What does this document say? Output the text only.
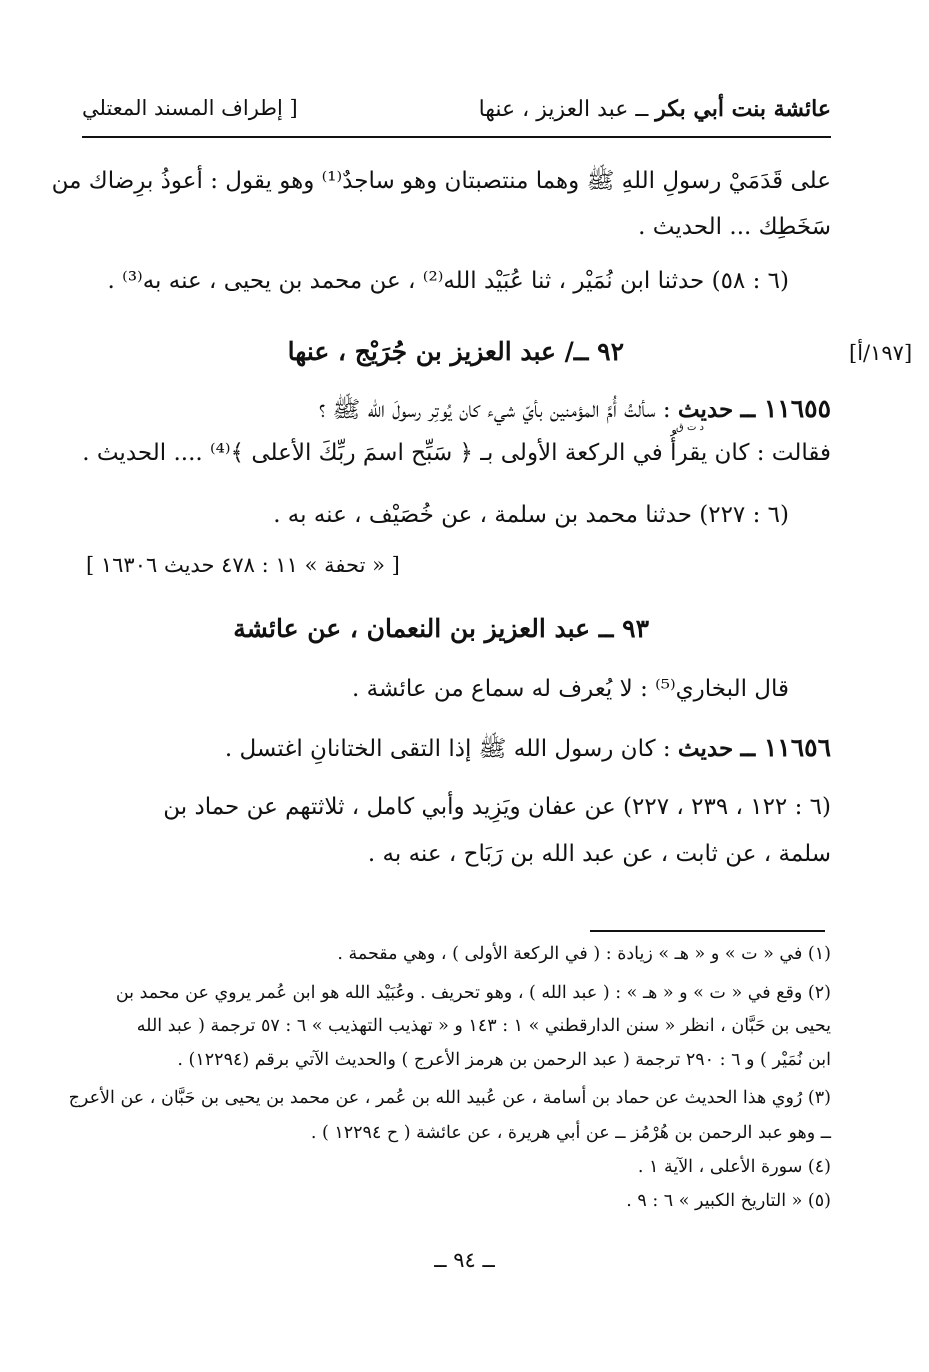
عائشة بنت أبي بكر ــ عبد العزيز ، عنها
[ إطراف المسند المعتلي
على قَدَمَيْ رسولِ اللهِ ﷺ وهما منتصبتان وهو ساجدٌ⁽¹⁾ وهو يقول : أعوذُ برِضاك من
سَخَطِك ... الحديث .
(٦ : ٥٨) حدثنا ابن نُمَيْر ، ثنا عُبَيْد الله⁽²⁾ ، عن محمد بن يحيى ، عنه به⁽³⁾ .
[١٩٧/أ]
٩٢ ــ/ عبد العزيز بن جُرَيْج ، عنها
١١٦٥٥ ــ حديث : سألتُ أُمَّ المؤمنين بأيّ شيء كان يُوتِر رسولَ الله ﷺ ؟
د ت ق
فقالت : كان يقرأُ في الركعة الأولى بـ ﴿ سَبِّح اسمَ ربِّكَ الأعلى ﴾⁽⁴⁾ .... الحديث .
(٦ : ٢٢٧) حدثنا محمد بن سلمة ، عن خُصَيْف ، عنه به .
[ « تحفة » ١١ : ٤٧٨ حديث ١٦٣٠٦ ]
٩٣ ــ عبد العزيز بن النعمان ، عن عائشة
قال البخاري⁽⁵⁾ : لا يُعرف له سماع من عائشة .
١١٦٥٦ ــ حديث : كان رسول الله ﷺ إذا التقى الختانانِ اغتسل .
(٦ : ١٢٢ ، ٢٣٩ ، ٢٢٧) عن عفان ويَزِيد وأبي كامل ، ثلاثتهم عن حماد بن
سلمة ، عن ثابت ، عن عبد الله بن رَبَاح ، عنه به .
(١) في « ت » و « هـ » زيادة : ( في الركعة الأولى ) ، وهي مقحمة .
(٢) وقع في « ت » و « هـ » : ( عبد الله ) ، وهو تحريف . وعُبَيْد الله هو ابن عُمر يروي عن محمد بن
يحيى بن حَبَّان ، انظر « سنن الدارقطني » ١ : ١٤٣ و « تهذيب التهذيب » ٦ : ٥٧ ترجمة ( عبد الله
ابن نُمَيْر ) و ٦ : ٢٩٠ ترجمة ( عبد الرحمن بن هرمز الأعرج ) والحديث الآتي برقم (١٢٢٩٤) .
(٣) رُوي هذا الحديث عن حماد بن أسامة ، عن عُبيد الله بن عُمر ، عن محمد بن يحيى بن حَبَّان ، عن الأعرج
ــ وهو عبد الرحمن بن هُرْمُز ــ عن أبي هريرة ، عن عائشة ( ح ١٢٢٩٤ ) .
(٤) سورة الأعلى ، الآية ١ .
(٥) « التاريخ الكبير » ٦ : ٩ .
ــ ٩٤ ــ
